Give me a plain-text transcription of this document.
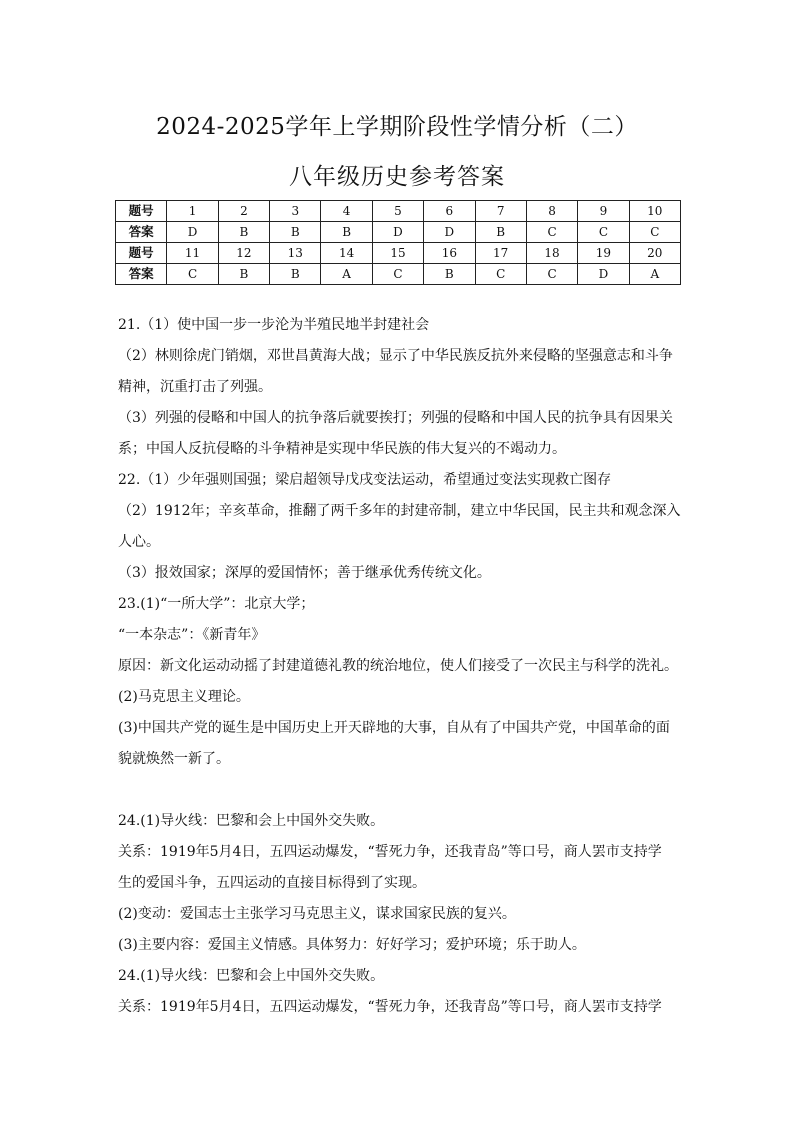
2024-2025学年上学期阶段性学情分析（二）
八年级历史参考答案
题号	1	2	3	4	5	6	7	8	9	10
答案	D	B	B	B	D	D	B	C	C	C
题号	11	12	13	14	15	16	17	18	19	20
答案	C	B	B	A	C	B	C	C	D	A

21.（1）使中国一步一步沦为半殖民地半封建社会

（2）林则徐虎门销烟，邓世昌黄海大战；显示了中华民族反抗外来侵略的坚强意志和斗争

精神，沉重打击了列强。

（3）列强的侵略和中国人的抗争落后就要挨打；列强的侵略和中国人民的抗争具有因果关

系；中国人反抗侵略的斗争精神是实现中华民族的伟大复兴的不竭动力。

22.（1）少年强则国强；梁启超领导戊戌变法运动，希望通过变法实现救亡图存

（2）1912年；辛亥革命，推翻了两千多年的封建帝制，建立中华民国，民主共和观念深入

人心。

（3）报效国家；深厚的爱国情怀；善于继承优秀传统文化。

23.(1)“一所大学”：北京大学；

“一本杂志”：《新青年》

原因：新文化运动动摇了封建道德礼教的统治地位，使人们接受了一次民主与科学的洗礼。

(2)马克思主义理论。

(3)中国共产党的诞生是中国历史上开天辟地的大事，自从有了中国共产党，中国革命的面

貌就焕然一新了。

24.(1)导火线：巴黎和会上中国外交失败。

关系：1919年5月4日，五四运动爆发，“誓死力争，还我青岛”等口号，商人罢市支持学

生的爱国斗争，五四运动的直接目标得到了实现。

(2)变动：爱国志士主张学习马克思主义，谋求国家民族的复兴。

(3)主要内容：爱国主义情感。具体努力：好好学习；爱护环境；乐于助人。

24.(1)导火线：巴黎和会上中国外交失败。

关系：1919年5月4日，五四运动爆发，“誓死力争，还我青岛”等口号，商人罢市支持学
